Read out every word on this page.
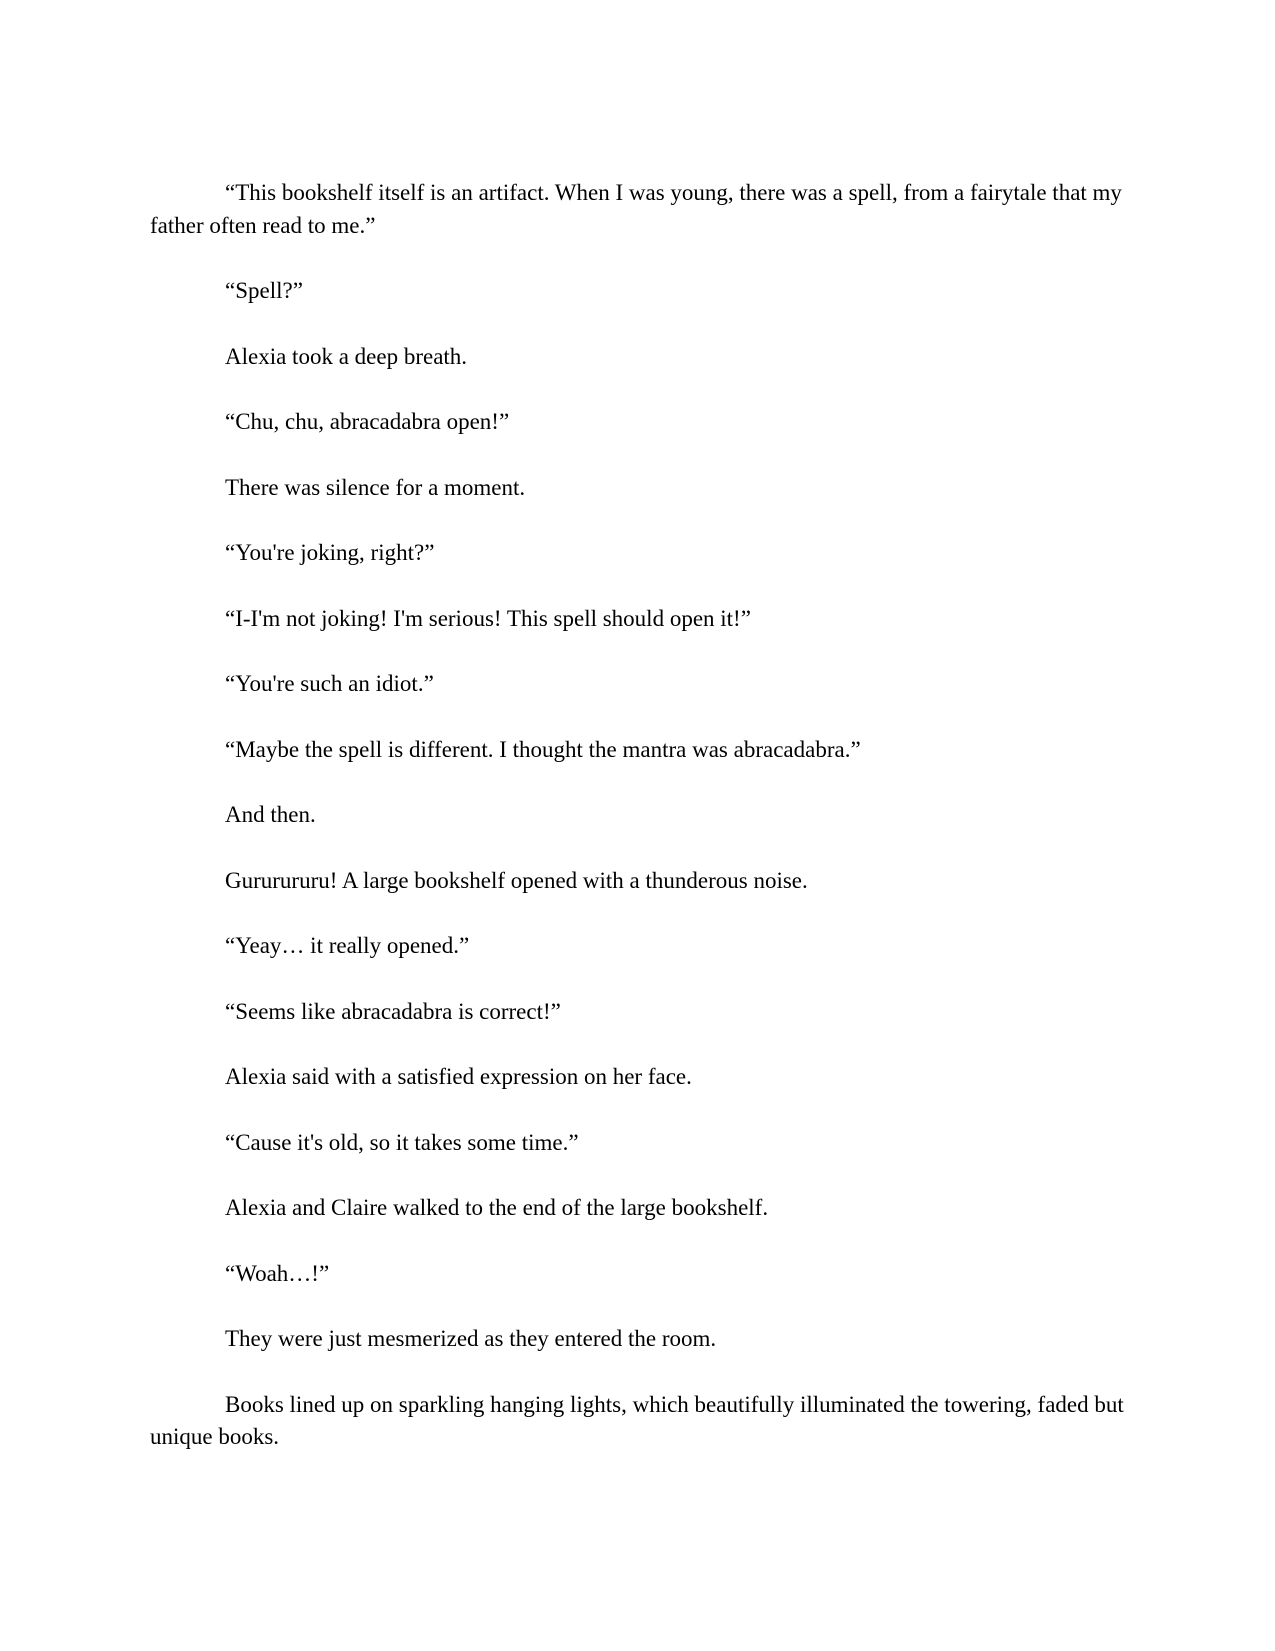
“This bookshelf itself is an artifact. When I was young, there was a spell, from a fairytale that my father often read to me.”

“Spell?”

Alexia took a deep breath.

“Chu, chu, abracadabra open!”

There was silence for a moment.

“You're joking, right?”

“I-I'm not joking! I'm serious! This spell should open it!”

“You're such an idiot.”

“Maybe the spell is different. I thought the mantra was abracadabra.”

And then.

Gururururu! A large bookshelf opened with a thunderous noise.

“Yeay… it really opened.”

“Seems like abracadabra is correct!”

Alexia said with a satisfied expression on her face.

“Cause it's old, so it takes some time.”

Alexia and Claire walked to the end of the large bookshelf.

“Woah…!”

They were just mesmerized as they entered the room.

Books lined up on sparkling hanging lights, which beautifully illuminated the towering, faded but unique books.
